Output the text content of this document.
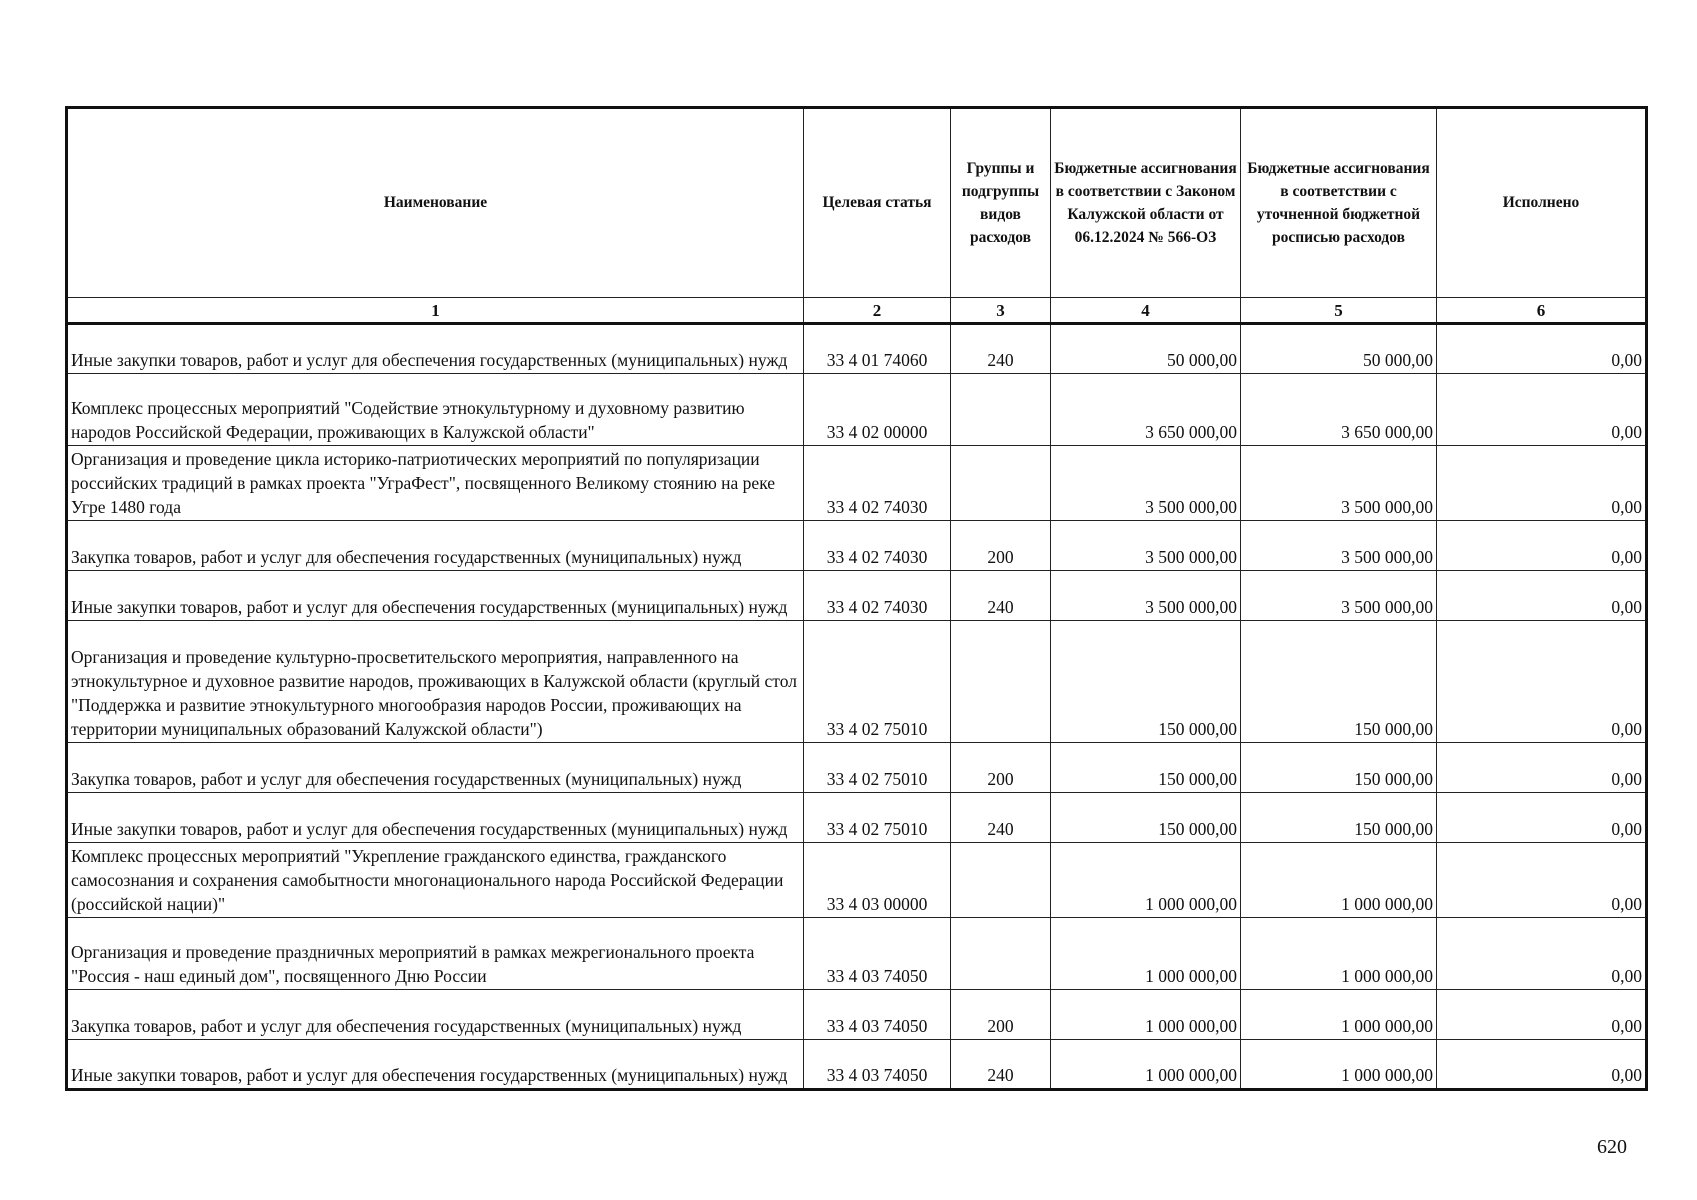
Наименование	Целевая статья	Группы и подгруппы видов расходов	Бюджетные ассигнования в соответствии с Законом Калужской области от 06.12.2024 № 566-ОЗ	Бюджетные ассигнования в соответствии с уточненной бюджетной росписью расходов	Исполнено
1	2	3	4	5	6
Иные закупки товаров, работ и услуг для обеспечения государственных (муниципальных) нужд	33 4 01 74060	240	50 000,00	50 000,00	0,00
Комплекс процессных мероприятий "Содействие этнокультурному и духовному развитию народов Российской Федерации, проживающих в Калужской области"	33 4 02 00000		3 650 000,00	3 650 000,00	0,00
Организация и проведение цикла историко-патриотических мероприятий по популяризации российских традиций в рамках проекта "УграФест", посвященного Великому стоянию на реке Угре 1480 года	33 4 02 74030		3 500 000,00	3 500 000,00	0,00
Закупка товаров, работ и услуг для обеспечения государственных (муниципальных) нужд	33 4 02 74030	200	3 500 000,00	3 500 000,00	0,00
Иные закупки товаров, работ и услуг для обеспечения государственных (муниципальных) нужд	33 4 02 74030	240	3 500 000,00	3 500 000,00	0,00
Организация и проведение культурно-просветительского мероприятия, направленного на этнокультурное и духовное развитие народов, проживающих в Калужской области (круглый стол "Поддержка и развитие этнокультурного многообразия народов России, проживающих на территории муниципальных образований Калужской области")	33 4 02 75010		150 000,00	150 000,00	0,00
Закупка товаров, работ и услуг для обеспечения государственных (муниципальных) нужд	33 4 02 75010	200	150 000,00	150 000,00	0,00
Иные закупки товаров, работ и услуг для обеспечения государственных (муниципальных) нужд	33 4 02 75010	240	150 000,00	150 000,00	0,00
Комплекс процессных мероприятий "Укрепление гражданского единства, гражданского самосознания и сохранения самобытности многонационального народа Российской Федерации (российской нации)"	33 4 03 00000		1 000 000,00	1 000 000,00	0,00
Организация и проведение праздничных мероприятий в рамках межрегионального проекта "Россия - наш единый дом", посвященного Дню России	33 4 03 74050		1 000 000,00	1 000 000,00	0,00
Закупка товаров, работ и услуг для обеспечения государственных (муниципальных) нужд	33 4 03 74050	200	1 000 000,00	1 000 000,00	0,00
Иные закупки товаров, работ и услуг для обеспечения государственных (муниципальных) нужд	33 4 03 74050	240	1 000 000,00	1 000 000,00	0,00
620
